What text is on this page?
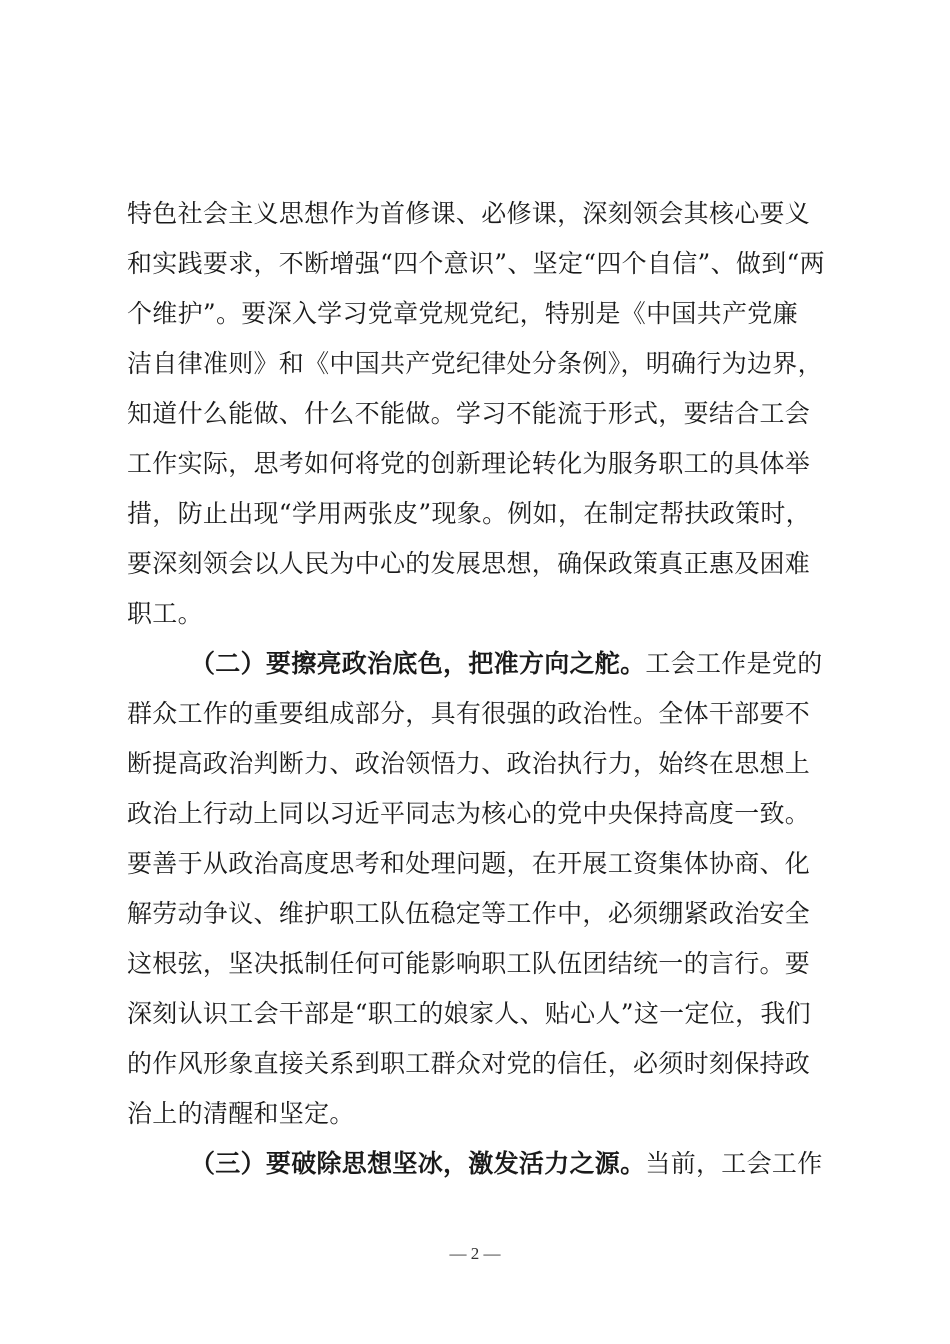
特色社会主义思想作为首修课、必修课，深刻领会其核心要义
和实践要求，不断增强“四个意识”、坚定“四个自信”、做到“两
个维护”。要深入学习党章党规党纪，特别是《中国共产党廉
洁自律准则》和《中国共产党纪律处分条例》，明确行为边界，
知道什么能做、什么不能做。学习不能流于形式，要结合工会
工作实际，思考如何将党的创新理论转化为服务职工的具体举
措，防止出现“学用两张皮”现象。例如，在制定帮扶政策时，
要深刻领会以人民为中心的发展思想，确保政策真正惠及困难
职工。
（二）要擦亮政治底色，把准方向之舵。工会工作是党的
群众工作的重要组成部分，具有很强的政治性。全体干部要不
断提高政治判断力、政治领悟力、政治执行力，始终在思想上
政治上行动上同以习近平同志为核心的党中央保持高度一致。
要善于从政治高度思考和处理问题，在开展工资集体协商、化
解劳动争议、维护职工队伍稳定等工作中，必须绷紧政治安全
这根弦，坚决抵制任何可能影响职工队伍团结统一的言行。要
深刻认识工会干部是“职工的娘家人、贴心人”这一定位，我们
的作风形象直接关系到职工群众对党的信任，必须时刻保持政
治上的清醒和坚定。
（三）要破除思想坚冰，激发活力之源。当前，工会工作
— 2 —
